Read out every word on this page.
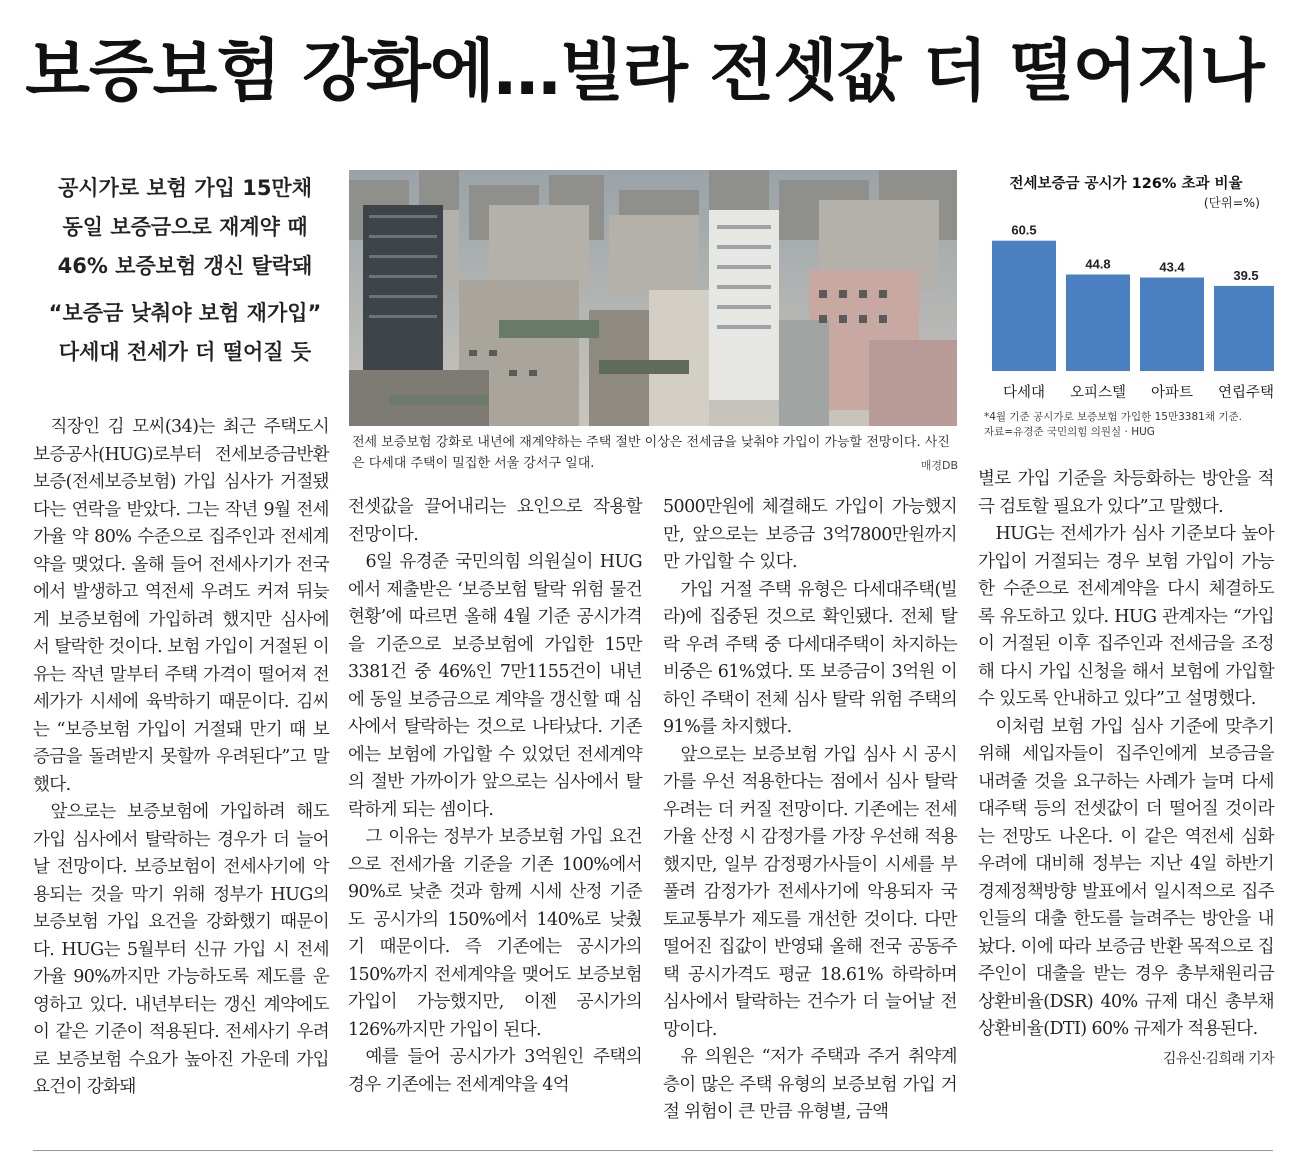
보증보험 강화에…빌라 전셋값 더 떨어지나
공시가로 보험 가입 15만채
동일 보증금으로 재계약 때
46% 보증보험 갱신 탈락돼
“보증금 낮춰야 보험 재가입”
다세대 전세가 더 떨어질 듯
전세 보증보험 강화로 내년에 재계약하는 주택 절반 이상은 전세금을 낮춰야 가입이 가능할 전망이다. 사진은 다세대 주택이 밀집한 서울 강서구 일대.	매경DB
전세보증금 공시가 126% 초과 비율
(단위=%)
60.5
다세대
44.8
오피스텔
43.4
아파트
39.5
연립주택
*4월 기준 공시가로 보증보험 가입한 15만3381채 기준.
자료=유경준 국민의힘 의원실 · HUG

직장인 김 모씨(34)는 최근 주택도시보증공사(HUG)로부터 전세보증금반환보증(전세보증보험) 가입 심사가 거절됐다는 연락을 받았다. 그는 작년 9월 전세가율 약 80% 수준으로 집주인과 전세계약을 맺었다. 올해 들어 전세사기가 전국에서 발생하고 역전세 우려도 커져 뒤늦게 보증보험에 가입하려 했지만 심사에서 탈락한 것이다. 보험 가입이 거절된 이유는 작년 말부터 주택 가격이 떨어져 전세가가 시세에 육박하기 때문이다. 김씨는 “보증보험 가입이 거절돼 만기 때 보증금을 돌려받지 못할까 우려된다”고 말했다.

앞으로는 보증보험에 가입하려 해도 가입 심사에서 탈락하는 경우가 더 늘어날 전망이다. 보증보험이 전세사기에 악용되는 것을 막기 위해 정부가 HUG의 보증보험 가입 요건을 강화했기 때문이다. HUG는 5월부터 신규 가입 시 전세가율 90%까지만 가능하도록 제도를 운영하고 있다. 내년부터는 갱신 계약에도 이 같은 기준이 적용된다. 전세사기 우려로 보증보험 수요가 높아진 가운데 가입 요건이 강화돼

전셋값을 끌어내리는 요인으로 작용할 전망이다.

6일 유경준 국민의힘 의원실이 HUG에서 제출받은 ‘보증보험 탈락 위험 물건 현황’에 따르면 올해 4월 기준 공시가격을 기준으로 보증보험에 가입한 15만3381건 중 46%인 7만1155건이 내년에 동일 보증금으로 계약을 갱신할 때 심사에서 탈락하는 것으로 나타났다. 기존에는 보험에 가입할 수 있었던 전세계약의 절반 가까이가 앞으로는 심사에서 탈락하게 되는 셈이다.

그 이유는 정부가 보증보험 가입 요건으로 전세가율 기준을 기존 100%에서 90%로 낮춘 것과 함께 시세 산정 기준도 공시가의 150%에서 140%로 낮췄기 때문이다. 즉 기존에는 공시가의 150%까지 전세계약을 맺어도 보증보험 가입이 가능했지만, 이젠 공시가의 126%까지만 가입이 된다.

예를 들어 공시가가 3억원인 주택의 경우 기존에는 전세계약을 4억

5000만원에 체결해도 가입이 가능했지만, 앞으로는 보증금 3억7800만원까지만 가입할 수 있다.

가입 거절 주택 유형은 다세대주택(빌라)에 집중된 것으로 확인됐다. 전체 탈락 우려 주택 중 다세대주택이 차지하는 비중은 61%였다. 또 보증금이 3억원 이하인 주택이 전체 심사 탈락 위험 주택의 91%를 차지했다.

앞으로는 보증보험 가입 심사 시 공시가를 우선 적용한다는 점에서 심사 탈락 우려는 더 커질 전망이다. 기존에는 전세가율 산정 시 감정가를 가장 우선해 적용했지만, 일부 감정평가사들이 시세를 부풀려 감정가가 전세사기에 악용되자 국토교통부가 제도를 개선한 것이다. 다만 떨어진 집값이 반영돼 올해 전국 공동주택 공시가격도 평균 18.61% 하락하며 심사에서 탈락하는 건수가 더 늘어날 전망이다.

유 의원은 “저가 주택과 주거 취약계층이 많은 주택 유형의 보증보험 가입 거절 위험이 큰 만큼 유형별, 금액

별로 가입 기준을 차등화하는 방안을 적극 검토할 필요가 있다”고 말했다.

HUG는 전세가가 심사 기준보다 높아 가입이 거절되는 경우 보험 가입이 가능한 수준으로 전세계약을 다시 체결하도록 유도하고 있다. HUG 관계자는 “가입이 거절된 이후 집주인과 전세금을 조정해 다시 가입 신청을 해서 보험에 가입할 수 있도록 안내하고 있다”고 설명했다.

이처럼 보험 가입 심사 기준에 맞추기 위해 세입자들이 집주인에게 보증금을 내려줄 것을 요구하는 사례가 늘며 다세대주택 등의 전셋값이 더 떨어질 것이라는 전망도 나온다. 이 같은 역전세 심화 우려에 대비해 정부는 지난 4일 하반기 경제정책방향 발표에서 일시적으로 집주인들의 대출 한도를 늘려주는 방안을 내놨다. 이에 따라 보증금 반환 목적으로 집주인이 대출을 받는 경우 총부채원리금상환비율(DSR) 40% 규제 대신 총부채상환비율(DTI) 60% 규제가 적용된다.

김유신·김희래 기자
